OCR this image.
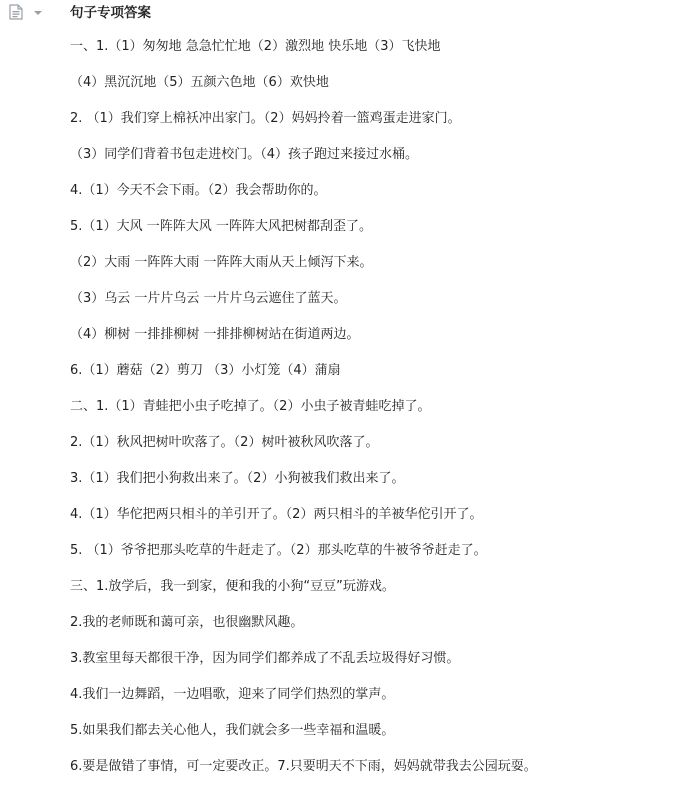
句子专项答案

一、1.（1）匆匆地 急急忙忙地（2）激烈地 快乐地（3）飞快地

（4）黑沉沉地（5）五颜六色地（6）欢快地

2. （1）我们穿上棉袄冲出家门。（2）妈妈拎着一篮鸡蛋走进家门。

（3）同学们背着书包走进校门。（4）孩子跑过来接过水桶。

4.（1）今天不会下雨。（2）我会帮助你的。

5.（1）大风 一阵阵大风 一阵阵大风把树都刮歪了。

（2）大雨 一阵阵大雨 一阵阵大雨从天上倾泻下来。

（3）乌云 一片片乌云 一片片乌云遮住了蓝天。

（4）柳树 一排排柳树 一排排柳树站在街道两边。

6.（1）蘑菇（2）剪刀 （3）小灯笼（4）蒲扇

二、1.（1）青蛙把小虫子吃掉了。（2）小虫子被青蛙吃掉了。

2.（1）秋风把树叶吹落了。（2）树叶被秋风吹落了。

3.（1）我们把小狗救出来了。（2）小狗被我们救出来了。

4.（1）华佗把两只相斗的羊引开了。（2）两只相斗的羊被华佗引开了。

5. （1）爷爷把那头吃草的牛赶走了。（2）那头吃草的牛被爷爷赶走了。

三、1.放学后，我一到家，便和我的小狗“豆豆”玩游戏。

2.我的老师既和蔼可亲，也很幽默风趣。

3.教室里每天都很干净，因为同学们都养成了不乱丢垃圾得好习惯。

4.我们一边舞蹈，一边唱歌，迎来了同学们热烈的掌声。

5.如果我们都去关心他人，我们就会多一些幸福和温暖。

6.要是做错了事情，可一定要改正。7.只要明天不下雨，妈妈就带我去公园玩耍。
